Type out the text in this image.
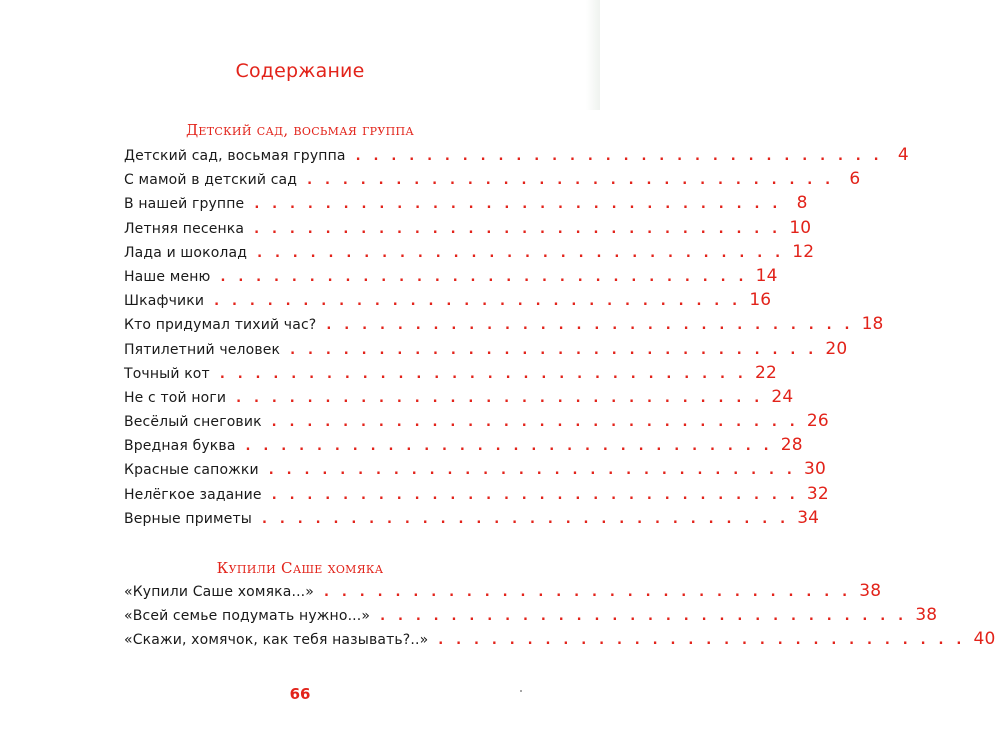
Содержание
Детский сад, восьмая группа
Детский сад, восьмая группа . . . . . . . . . . . . . . . . . . . . . . . . . . . . . . 4
С мамой в детский сад . . . . . . . . . . . . . . . . . . . . . . . . . . . . . . 6
В нашей группе . . . . . . . . . . . . . . . . . . . . . . . . . . . . . . 8
Летняя песенка . . . . . . . . . . . . . . . . . . . . . . . . . . . . . . 10
Лада и шоколад . . . . . . . . . . . . . . . . . . . . . . . . . . . . . . 12
Наше меню . . . . . . . . . . . . . . . . . . . . . . . . . . . . . . 14
Шкафчики . . . . . . . . . . . . . . . . . . . . . . . . . . . . . . 16
Кто придумал тихий час? . . . . . . . . . . . . . . . . . . . . . . . . . . . . . . 18
Пятилетний человек . . . . . . . . . . . . . . . . . . . . . . . . . . . . . . 20
Точный кот . . . . . . . . . . . . . . . . . . . . . . . . . . . . . . 22
Не с той ноги . . . . . . . . . . . . . . . . . . . . . . . . . . . . . . 24
Весёлый снеговик . . . . . . . . . . . . . . . . . . . . . . . . . . . . . . 26
Вредная буква . . . . . . . . . . . . . . . . . . . . . . . . . . . . . . 28
Красные сапожки . . . . . . . . . . . . . . . . . . . . . . . . . . . . . . 30
Нелёгкое задание . . . . . . . . . . . . . . . . . . . . . . . . . . . . . . 32
Верные приметы . . . . . . . . . . . . . . . . . . . . . . . . . . . . . . 34
Купили Саше хомяка
«Купили Саше хомяка...» . . . . . . . . . . . . . . . . . . . . . . . . . . . . . . 38
«Всей семье подумать нужно...» . . . . . . . . . . . . . . . . . . . . . . . . . . . . . . 38
«Скажи, хомячок, как тебя называть?..» . . . . . . . . . . . . . . . . . . . . . . . . . . . . . . 40
66
